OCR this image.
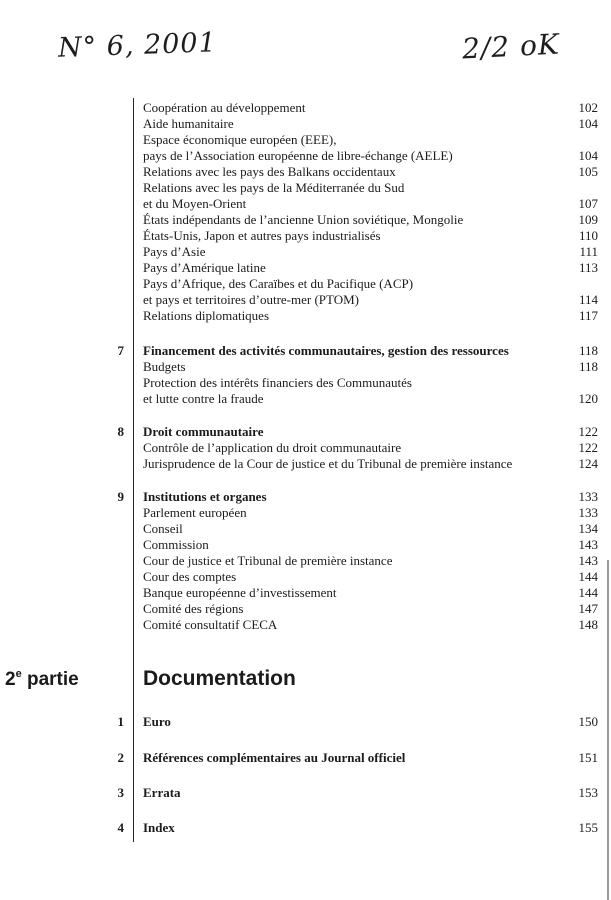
N° 6, 2001	2/2 oK
Coopération au développement	102
Aide humanitaire	104
Espace économique européen (EEE),
pays de l’Association européenne de libre-échange (AELE)	104
Relations avec les pays des Balkans occidentaux	105
Relations avec les pays de la Méditerranée du Sud
et du Moyen-Orient	107
États indépendants de l’ancienne Union soviétique, Mongolie	109
États-Unis, Japon et autres pays industrialisés	110
Pays d’Asie	111
Pays d’Amérique latine	113
Pays d’Afrique, des Caraïbes et du Pacifique (ACP)
et pays et territoires d’outre-mer (PTOM)	114
Relations diplomatiques	117
7 Financement des activités communautaires, gestion des ressources	118
Budgets	118
Protection des intérêts financiers des Communautés
et lutte contre la fraude	120
8 Droit communautaire	122
Contrôle de l’application du droit communautaire	122
Jurisprudence de la Cour de justice et du Tribunal de première instance	124
9 Institutions et organes	133
Parlement européen	133
Conseil	134
Commission	143
Cour de justice et Tribunal de première instance	143
Cour des comptes	144
Banque européenne d’investissement	144
Comité des régions	147
Comité consultatif CECA	148
2e partie	Documentation
1 Euro	150
2 Références complémentaires au Journal officiel	151
3 Errata	153
4 Index	155
